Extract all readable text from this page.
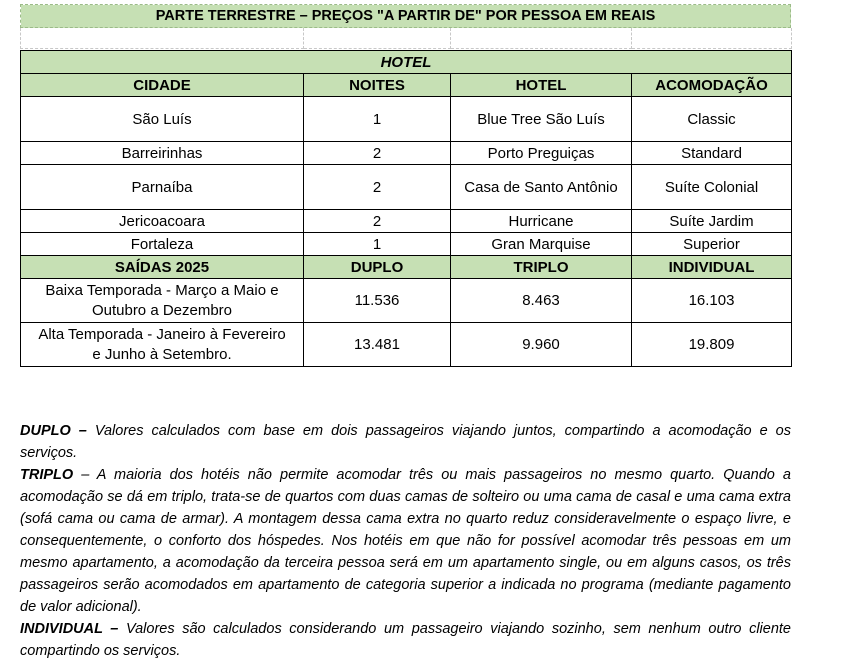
PARTE TERRESTRE – PREÇOS "A PARTIR DE" POR PESSOA EM REAIS

HOTEL			
CIDADE	NOITES	HOTEL	ACOMODAÇÃO
São Luís	1	Blue Tree São Luís	Classic
Barreirinhas	2	Porto Preguiças	Standard
Parnaíba	2	Casa de Santo Antônio	Suíte Colonial
Jericoacoara	2	Hurricane	Suíte Jardim
Fortaleza	1	Gran Marquise	Superior
SAÍDAS 2025	DUPLO	TRIPLO	INDIVIDUAL
Baixa Temporada - Março a Maio e
Outubro a Dezembro	11.536	8.463	16.103
Alta Temporada - Janeiro à Fevereiro
e Junho à Setembro.	13.481	9.960	19.809

DUPLO – Valores calculados com base em dois passageiros viajando juntos, compartindo a acomodação e os serviços.

TRIPLO – A maioria dos hotéis não permite acomodar três ou mais passageiros no mesmo quarto. Quando a acomodação se dá em triplo, trata-se de quartos com duas camas de solteiro ou uma cama de casal e uma cama extra (sofá cama ou cama de armar). A montagem dessa cama extra no quarto reduz consideravelmente o espaço livre, e consequentemente, o conforto dos hóspedes. Nos hotéis em que não for possível acomodar três pessoas em um mesmo apartamento, a acomodação da terceira pessoa será em um apartamento single, ou em alguns casos, os três passageiros serão acomodados em apartamento de categoria superior a indicada no programa (mediante pagamento de valor adicional).

INDIVIDUAL – Valores são calculados considerando um passageiro viajando sozinho, sem nenhum outro cliente compartindo os serviços.
